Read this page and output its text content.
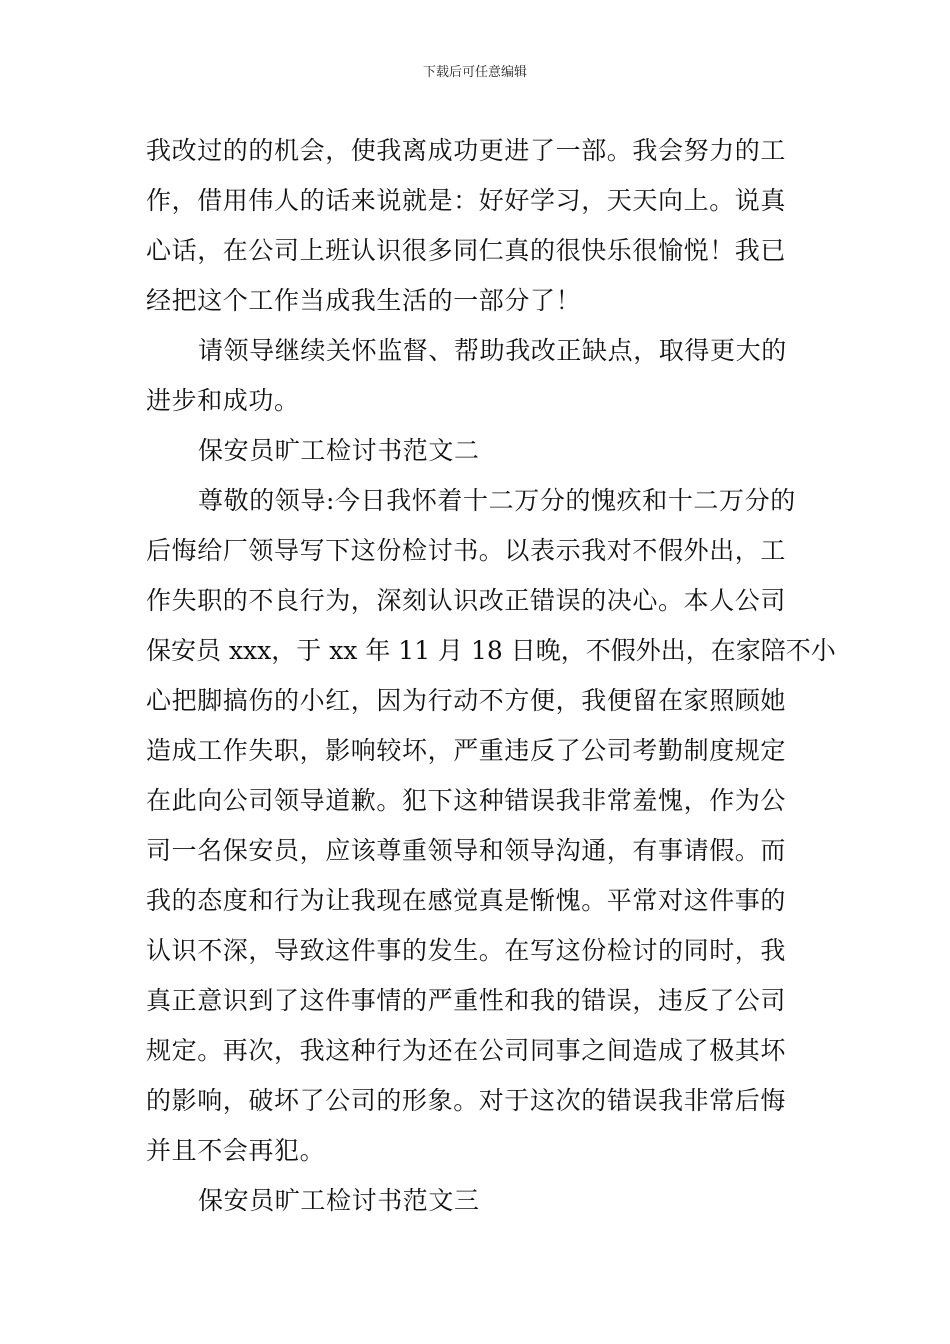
下载后可任意编辑
我改过的的机会，使我离成功更进了一部。我会努力的工
作，借用伟人的话来说就是：好好学习，天天向上。说真
心话，在公司上班认识很多同仁真的很快乐很愉悦！我已
经把这个工作当成我生活的一部分了！
请领导继续关怀监督、帮助我改正缺点，取得更大的
进步和成功。
保安员旷工检讨书范文二
尊敬的领导:今日我怀着十二万分的愧疚和十二万分的
后悔给厂领导写下这份检讨书。以表示我对不假外出，工
作失职的不良行为，深刻认识改正错误的决心。本人公司
保安员 xxx，于 xx 年 11 月 18 日晚，不假外出，在家陪不小
心把脚搞伤的小红，因为行动不方便，我便留在家照顾她
造成工作失职，影响较坏，严重违反了公司考勤制度规定
在此向公司领导道歉。犯下这种错误我非常羞愧，作为公
司一名保安员，应该尊重领导和领导沟通，有事请假。而
我的态度和行为让我现在感觉真是惭愧。平常对这件事的
认识不深，导致这件事的发生。在写这份检讨的同时，我
真正意识到了这件事情的严重性和我的错误，违反了公司
规定。再次，我这种行为还在公司同事之间造成了极其坏
的影响，破坏了公司的形象。对于这次的错误我非常后悔
并且不会再犯。
保安员旷工检讨书范文三
